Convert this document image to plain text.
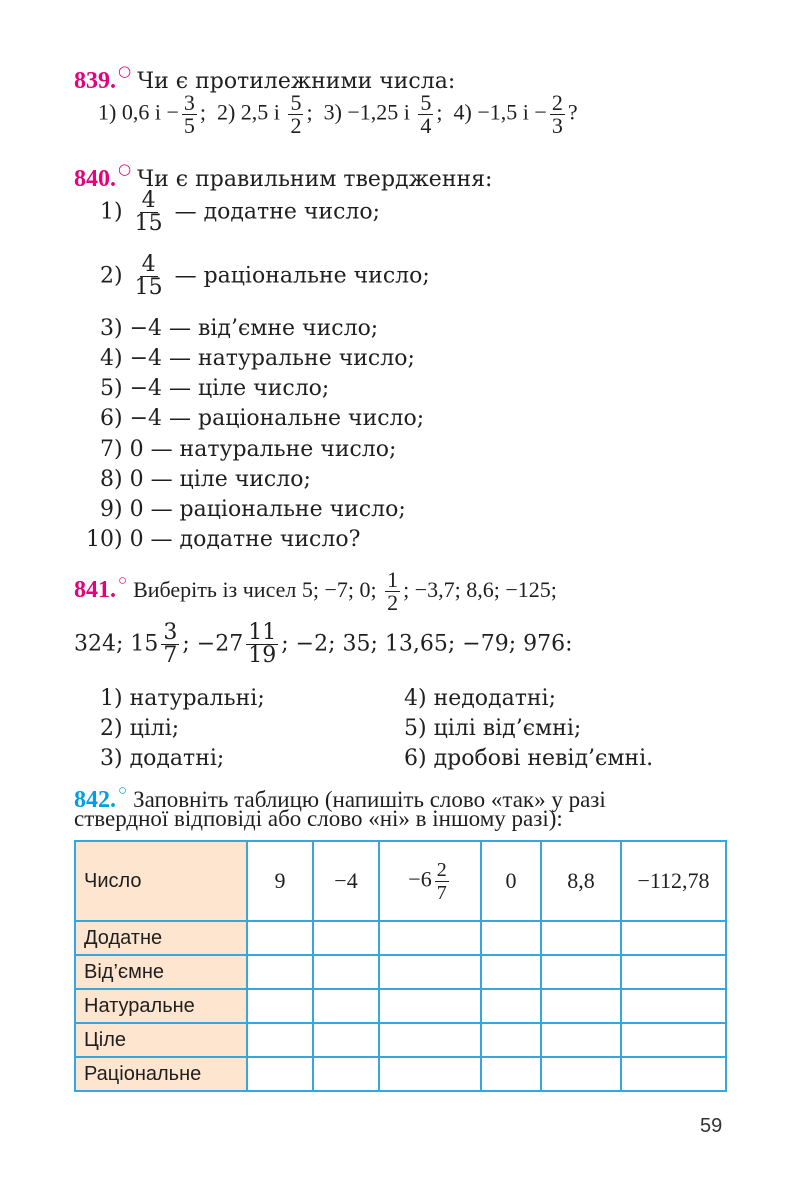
839. ○ Чи є протилежними числа:
1) 0,6 $і - \frac{3}{5}$ ; 2) 2,5 і $\frac{5}{2}$ ; 3) −1,25 і $\frac{5}{4}$ ; 4) −1,5 $і - \frac{2}{3}$ ?
840. ○ Чи є правильним твердження:
$1) \frac{4}{15}$ — додатне число;
$2) \frac{4}{15}$ — раціональне число;
3) −4 — від’ємне число;
4) −4 — натуральне число;
5) −4 — ціле число;
6) −4 — раціональне число;
7) 0 — натуральне число;
8) 0 — ціле число;
9) 0 — раціональне число;
10) 0 — додатне число?
841. ○ Виберіть із чисел 5; −7; 0; $\frac{1}{2}$ ; −3,7; 8,6; −125;
324; $15 \frac{3}{7}$ ; $-27 \frac{11}{19}$ ; −2; 35; 13,65; −79; 976:
1) натуральні;
2) цілі;
3) додатні;
4) недодатні;
5) цілі від’ємні;
6) дробові невід’ємні.
842. ○ Заповніть таблицю (напишіть слово «так» у разі
ствердної відповіді або слово «ні» в іншому разі):
Число	9	−4	$-6 \frac{2}{7}$	0	8,8	−112,78
Додатне						
Від’ємне						
Натуральне						
Ціле						
Раціональне						
59
